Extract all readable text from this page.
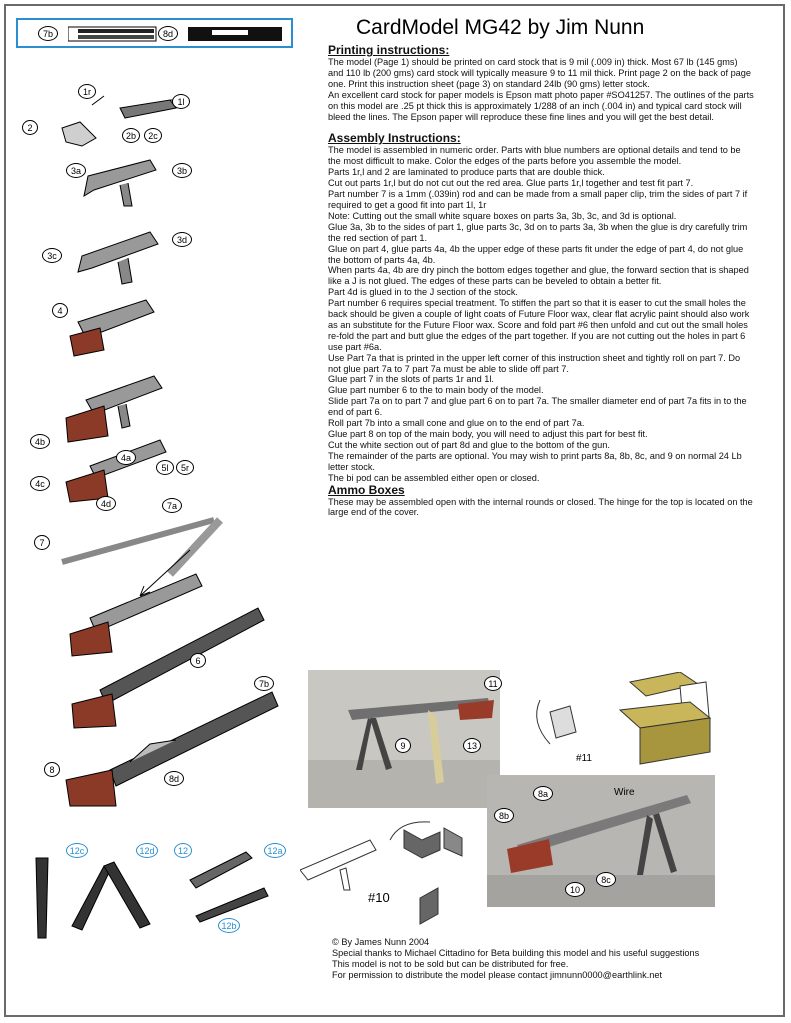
7b	8d
1r
1l
2
2b	2c
3a	3b
3c
3d
4
4b
4a
5l	5r
4c
4d	7a
7
6
7b
8
8d
12c	12d	12	12a
12b
CardModel MG42 by Jim Nunn
Printing instructions:

The model (Page 1) should be printed on card stock that is 9 mil (.009 in) thick. Most 67 lb (145 gms) and 110 lb (200 gms) card stock will typically measure 9 to 11 mil thick. Print page 2 on the back of page one. Print this instruction sheet (page 3) on standard 24lb (90 gms) letter stock.

An excellent card stock for paper models is Epson matt photo paper #SO41257. The outlines of the parts on this model are .25 pt thick this is approximately 1/288 of an inch (.004 in) and typical card stock will bleed the lines. The Epson paper will reproduce these fine lines and you will get the best detail.

Assembly Instructions:

The model is assembled in numeric order. Parts with blue numbers are optional details and tend to be the most difficult to make. Color the edges of the parts before you assemble the model.

Parts 1r,l and 2 are laminated to produce parts that are double thick.

Cut out parts 1r,l but do not cut out the red area. Glue parts 1r,l together and test fit part 7.

Part number 7 is a 1mm (.039in) rod and can be made from a small paper clip, trim the sides of part 7 if required to get a good fit into part 1l, 1r

Note: Cutting out the small white square boxes on parts 3a, 3b, 3c, and 3d is optional.

Glue 3a, 3b to the sides of part 1, glue parts 3c, 3d on to parts 3a, 3b when the glue is dry carefully trim the red section of part 1.

Glue on part 4, glue parts 4a, 4b the upper edge of these parts fit under the edge of part 4, do not glue the bottom of parts 4a, 4b.

When parts 4a, 4b are dry pinch the bottom edges together and glue, the forward section that is shaped like a J is not glued. The edges of these parts can be beveled to obtain a better fit.

Part 4d is glued in to the J section of the stock.

Part number 6 requires special treatment. To stiffen the part so that it is easer to cut the small holes the back should be given a couple of light coats of Future Floor wax, clear flat acrylic paint should also work as an substitute for the Future Floor wax. Score and fold part #6 then unfold and cut out the small holes re-fold the part and butt glue the edges of the part together. If you are not cutting out the holes in part 6 use part #6a.

Use Part 7a that is printed in the upper left corner of this instruction sheet and tightly roll on part 7. Do not glue part 7a to 7 part 7a must be able to slide off part 7.

Glue part 7 in the slots of parts 1r and 1l.

Glue part number 6 to the to main body of the model.

Slide part 7a on to part 7 and glue part 6 on to part 7a. The smaller diameter end of part 7a fits in to the end of part 6.

Roll part 7b into a small cone and glue on to the end of part 7a.

Glue part 8 on top of the main body, you will need to adjust this part for best fit.

Cut the white section out of part 8d and glue to the bottom of the gun.

The remainder of the parts are optional. You may wish to print parts 8a, 8b, 8c, and 9 on normal 24 Lb letter stock.

The bi pod can be assembled either open or closed.

Ammo Boxes

These may be assembled open with the internal rounds or closed. The hinge for the top is located on the large end of the cover.

11
9	13
#11
8a
8b
8c
10
Wire
#10

© By James Nunn 2004

Special thanks to Michael Cittadino for Beta building this model and his useful suggestions

This model is not to be sold but can be distributed for free.

For permission to distribute the model please contact jimnunn0000@earthlink.net
